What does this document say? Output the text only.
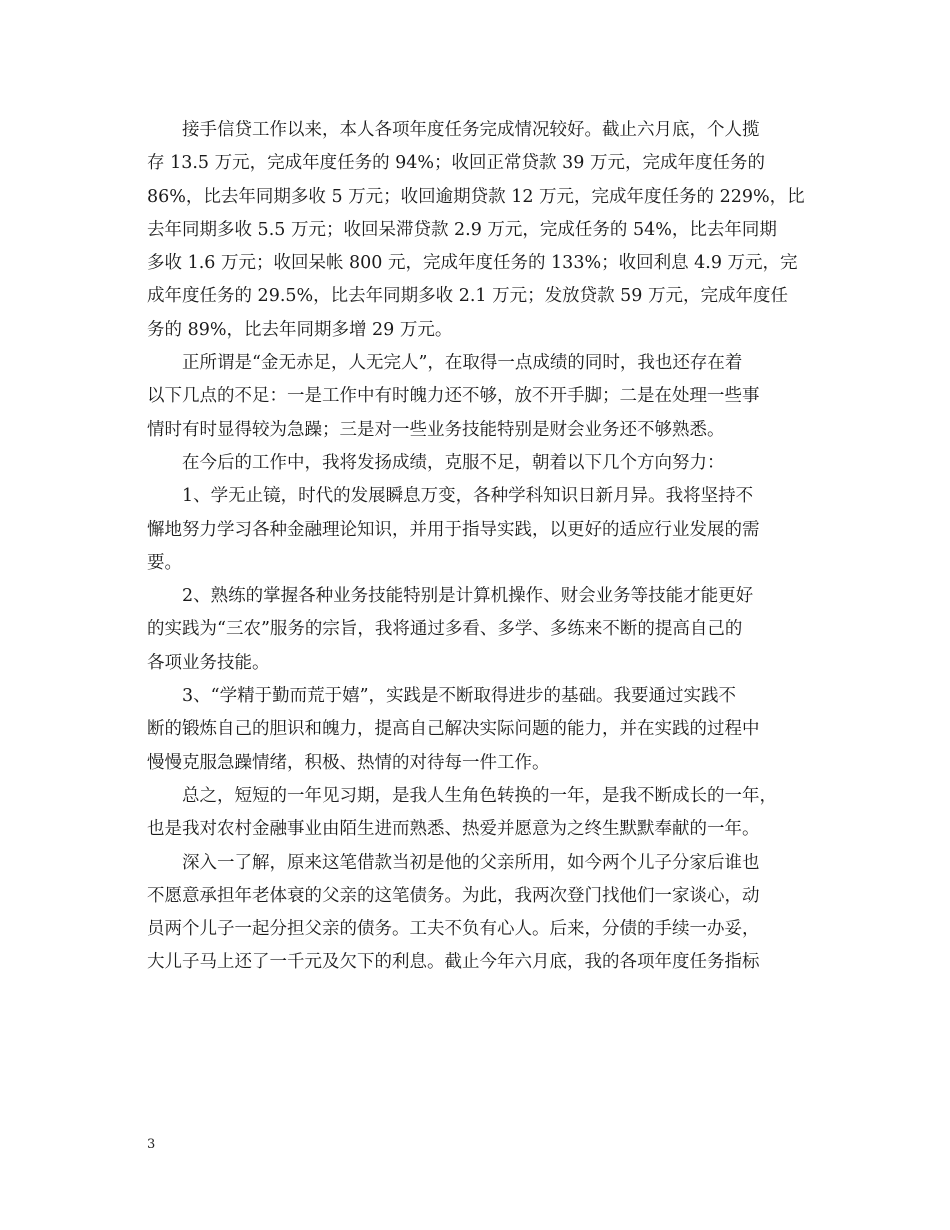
　　接手信贷工作以来，本人各项年度任务完成情况较好。截止六月底，个人揽
存 13.5 万元，完成年度任务的 94%；收回正常贷款 39 万元，完成年度任务的
86%，比去年同期多收 5 万元；收回逾期贷款 12 万元，完成年度任务的 229%，比
去年同期多收 5.5 万元；收回呆滞贷款 2.9 万元，完成任务的 54%，比去年同期
多收 1.6 万元；收回呆帐 800 元，完成年度任务的 133%；收回利息 4.9 万元，完
成年度任务的 29.5%，比去年同期多收 2.1 万元；发放贷款 59 万元，完成年度任
务的 89%，比去年同期多增 29 万元。
　　正所谓是“金无赤足，人无完人”，在取得一点成绩的同时，我也还存在着
以下几点的不足：一是工作中有时魄力还不够，放不开手脚；二是在处理一些事
情时有时显得较为急躁；三是对一些业务技能特别是财会业务还不够熟悉。
　　在今后的工作中，我将发扬成绩，克服不足，朝着以下几个方向努力：
　　1、学无止镜，时代的发展瞬息万变，各种学科知识日新月异。我将坚持不
懈地努力学习各种金融理论知识，并用于指导实践，以更好的适应行业发展的需
要。
　　2、熟练的掌握各种业务技能特别是计算机操作、财会业务等技能才能更好
的实践为“三农”服务的宗旨，我将通过多看、多学、多练来不断的提高自己的
各项业务技能。
　　3、“学精于勤而荒于嬉”，实践是不断取得进步的基础。我要通过实践不
断的锻炼自己的胆识和魄力，提高自己解决实际问题的能力，并在实践的过程中
慢慢克服急躁情绪，积极、热情的对待每一件工作。
　　总之，短短的一年见习期，是我人生角色转换的一年，是我不断成长的一年，
也是我对农村金融事业由陌生进而熟悉、热爱并愿意为之终生默默奉献的一年。
　　深入一了解，原来这笔借款当初是他的父亲所用，如今两个儿子分家后谁也
不愿意承担年老体衰的父亲的这笔债务。为此，我两次登门找他们一家谈心，动
员两个儿子一起分担父亲的债务。工夫不负有心人。后来，分债的手续一办妥，
大儿子马上还了一千元及欠下的利息。截止今年六月底，我的各项年度任务指标
3
